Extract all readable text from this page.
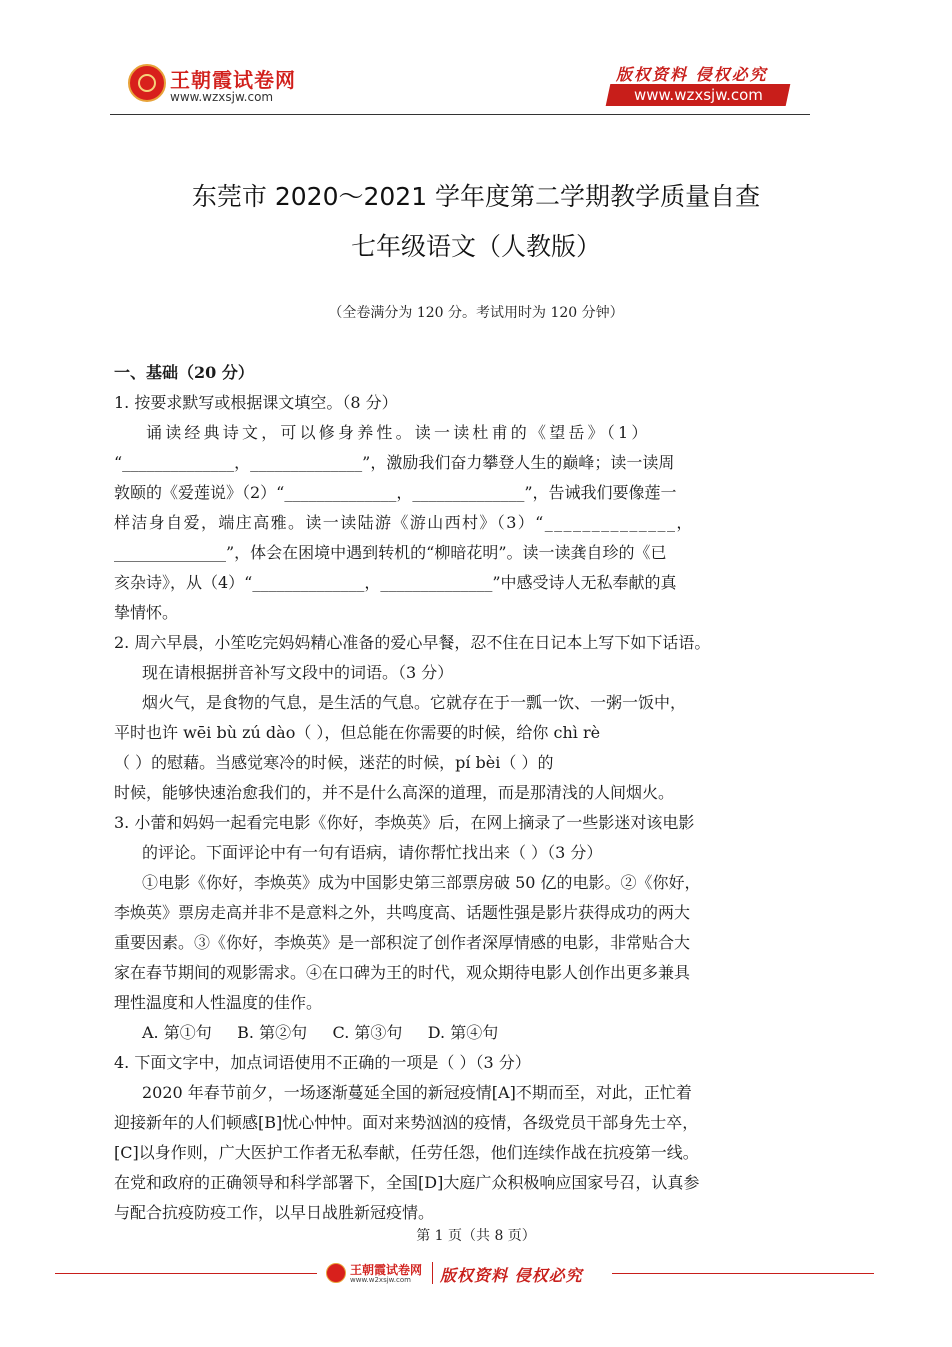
王朝霞试卷网
www.wzxsjw.com
版权资料 侵权必究
www.wzxsjw.com
东莞市 2020～2021 学年度第二学期教学质量自查
七年级语文（人教版）
（全卷满分为 120 分。考试用时为 120 分钟）
一、基础（20 分）
1. 按要求默写或根据课文填空。（8 分）
诵读经典诗文，可以修身养性。读一读杜甫的《望岳》（1）
“______________，______________”，激励我们奋力攀登人生的巅峰；读一读周
敦颐的《爱莲说》（2）“______________，______________”，告诫我们要像莲一
样洁身自爱，端庄高雅。读一读陆游《游山西村》（3）“______________，
______________”，体会在困境中遇到转机的“柳暗花明”。读一读龚自珍的《已
亥杂诗》，从（4）“______________，______________”中感受诗人无私奉献的真
挚情怀。
2. 周六早晨，小笙吃完妈妈精心准备的爱心早餐，忍不住在日记本上写下如下话语。
现在请根据拼音补写文段中的词语。（3 分）
烟火气，是食物的气息，是生活的气息。它就存在于一瓢一饮、一粥一饭中，
平时也许 wēi bù zú dào（ ），但总能在你需要的时候，给你 chì rè
（ ）的慰藉。当感觉寒冷的时候，迷茫的时候，pí bèi（ ）的
时候，能够快速治愈我们的，并不是什么高深的道理，而是那清浅的人间烟火。
3. 小蕾和妈妈一起看完电影《你好，李焕英》后，在网上摘录了一些影迷对该电影
的评论。下面评论中有一句有语病，请你帮忙找出来（ ）（3 分）
①电影《你好，李焕英》成为中国影史第三部票房破 50 亿的电影。②《你好，
李焕英》票房走高并非不是意料之外，共鸣度高、话题性强是影片获得成功的两大
重要因素。③《你好，李焕英》是一部积淀了创作者深厚情感的电影，非常贴合大
家在春节期间的观影需求。④在口碑为王的时代，观众期待电影人创作出更多兼具
理性温度和人性温度的佳作。
A. 第①句     B. 第②句     C. 第③句     D. 第④句
4. 下面文字中，加点词语使用不正确的一项是（ ）（3 分）
2020 年春节前夕，一场逐渐蔓延全国的新冠疫情[A]不期而至，对此，正忙着
迎接新年的人们顿感[B]忧心忡忡。面对来势汹汹的疫情，各级党员干部身先士卒，
[C]以身作则，广大医护工作者无私奉献，任劳任怨，他们连续作战在抗疫第一线。
在党和政府的正确领导和科学部署下，全国[D]大庭广众积极响应国家号召，认真参
与配合抗疫防疫工作，以早日战胜新冠疫情。
第 1 页（共 8 页）
王朝霞试卷网
www.w2xsjw.com 版权资料 侵权必究
